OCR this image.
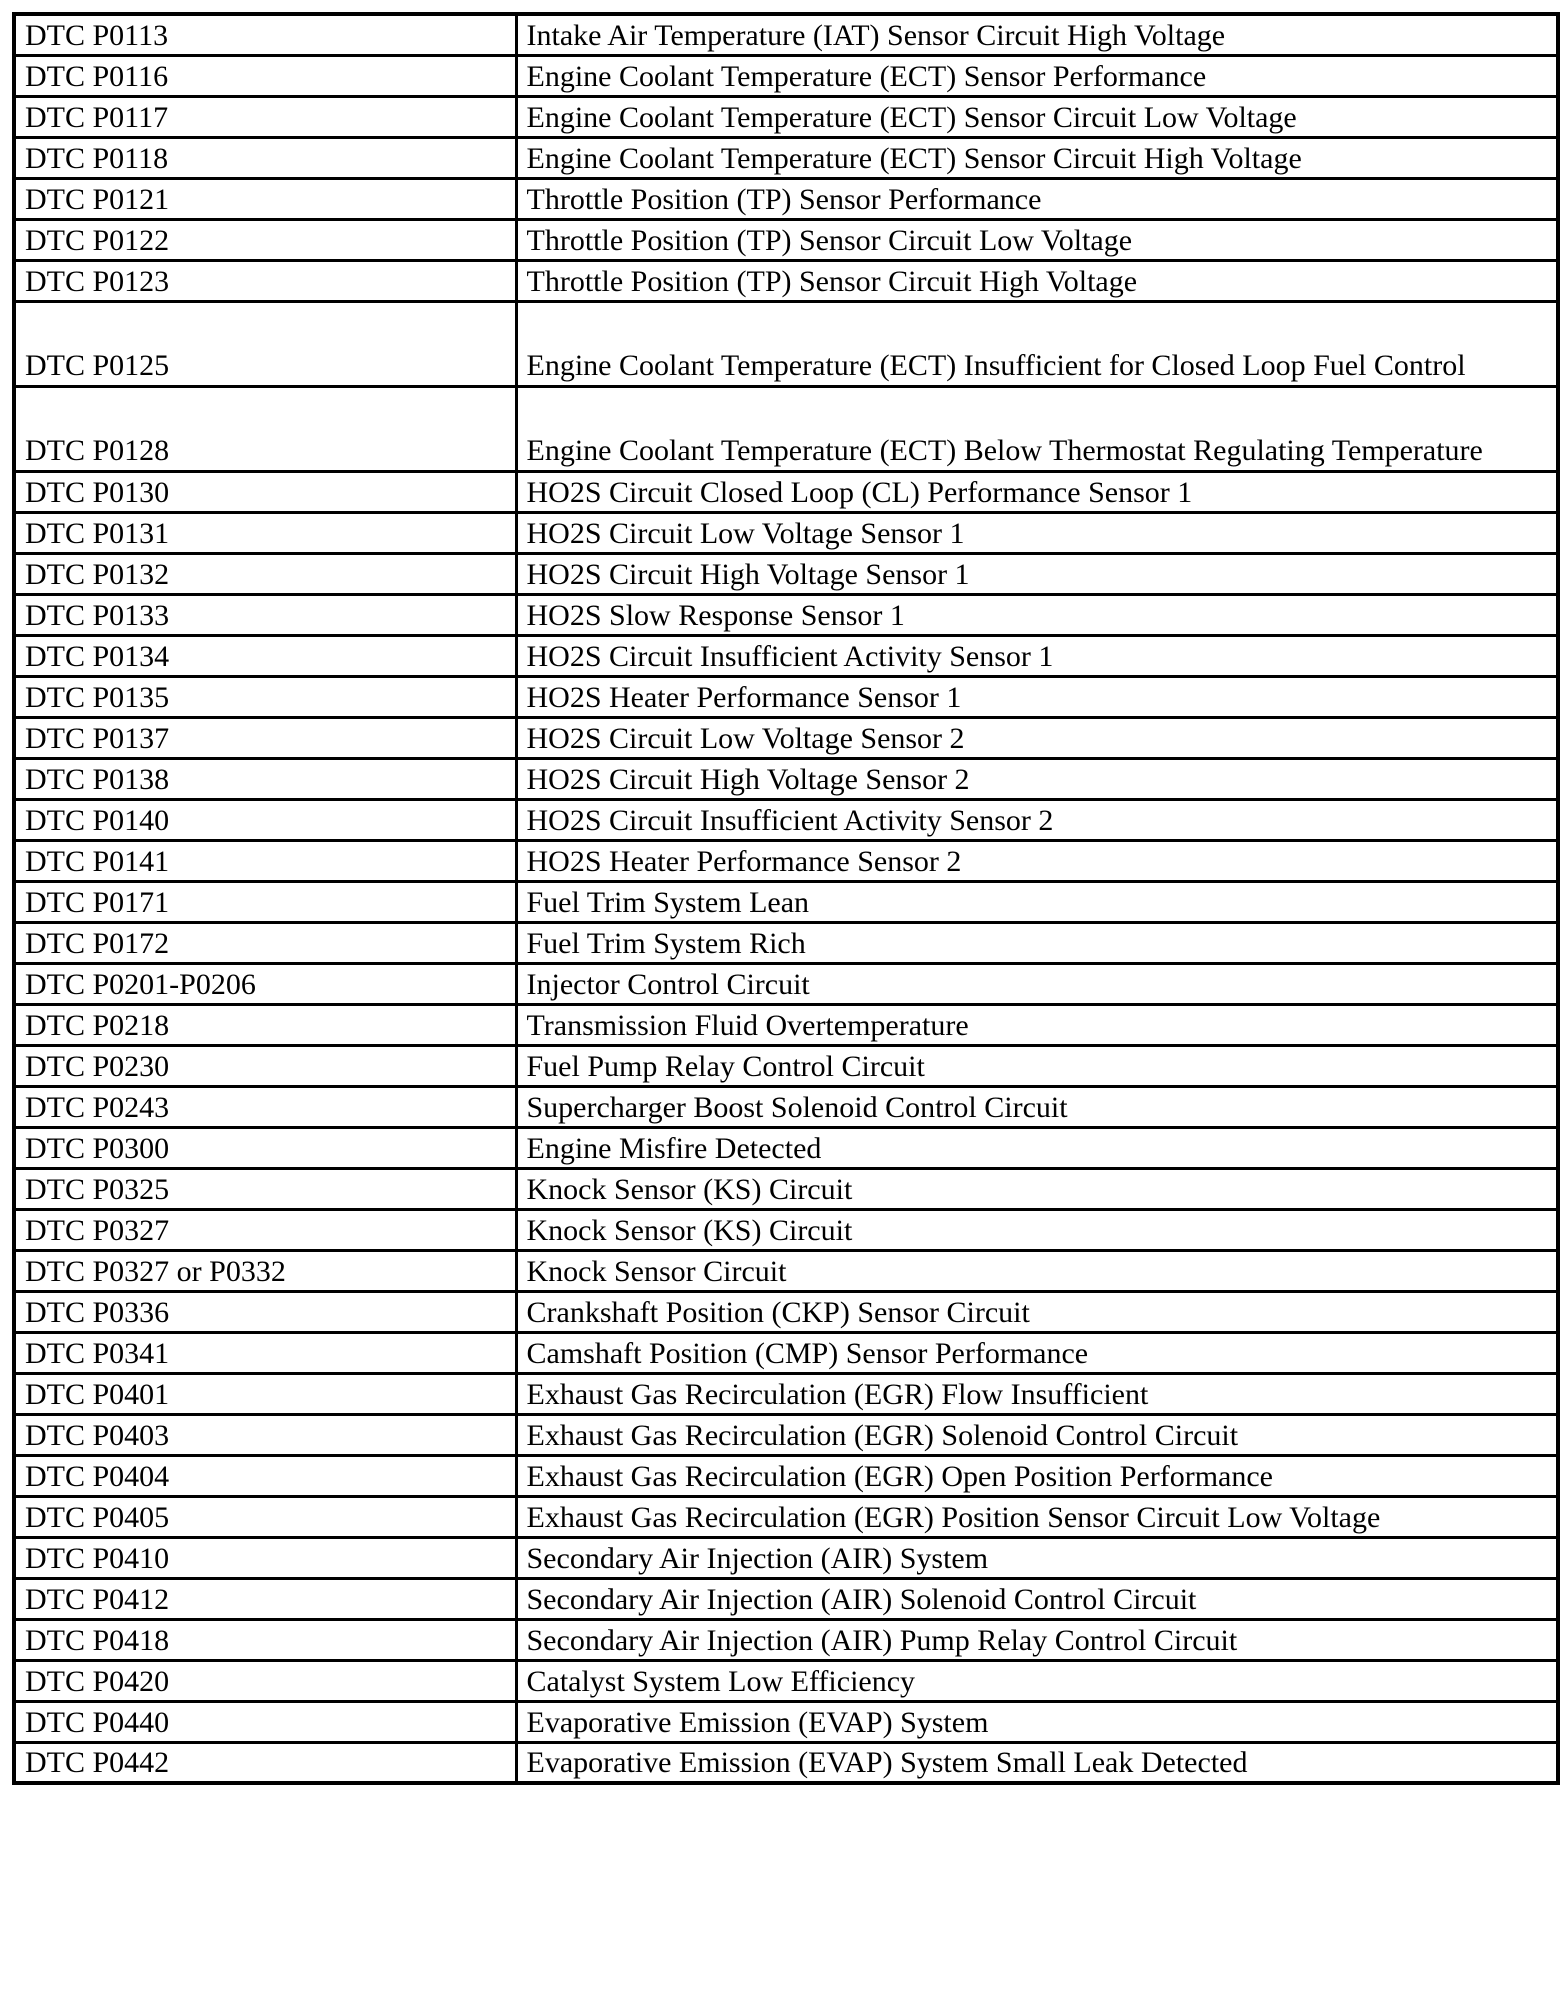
DTC P0113	Intake Air Temperature (IAT) Sensor Circuit High Voltage
DTC P0116	Engine Coolant Temperature (ECT) Sensor Performance
DTC P0117	Engine Coolant Temperature (ECT) Sensor Circuit Low Voltage
DTC P0118	Engine Coolant Temperature (ECT) Sensor Circuit High Voltage
DTC P0121	Throttle Position (TP) Sensor Performance
DTC P0122	Throttle Position (TP) Sensor Circuit Low Voltage
DTC P0123	Throttle Position (TP) Sensor Circuit High Voltage
DTC P0125	Engine Coolant Temperature (ECT) Insufficient for Closed Loop Fuel Control
DTC P0128	Engine Coolant Temperature (ECT) Below Thermostat Regulating Temperature
DTC P0130	HO2S Circuit Closed Loop (CL) Performance Sensor 1
DTC P0131	HO2S Circuit Low Voltage Sensor 1
DTC P0132	HO2S Circuit High Voltage Sensor 1
DTC P0133	HO2S Slow Response Sensor 1
DTC P0134	HO2S Circuit Insufficient Activity Sensor 1
DTC P0135	HO2S Heater Performance Sensor 1
DTC P0137	HO2S Circuit Low Voltage Sensor 2
DTC P0138	HO2S Circuit High Voltage Sensor 2
DTC P0140	HO2S Circuit Insufficient Activity Sensor 2
DTC P0141	HO2S Heater Performance Sensor 2
DTC P0171	Fuel Trim System Lean
DTC P0172	Fuel Trim System Rich
DTC P0201-P0206	Injector Control Circuit
DTC P0218	Transmission Fluid Overtemperature
DTC P0230	Fuel Pump Relay Control Circuit
DTC P0243	Supercharger Boost Solenoid Control Circuit
DTC P0300	Engine Misfire Detected
DTC P0325	Knock Sensor (KS) Circuit
DTC P0327	Knock Sensor (KS) Circuit
DTC P0327 or P0332	Knock Sensor Circuit
DTC P0336	Crankshaft Position (CKP) Sensor Circuit
DTC P0341	Camshaft Position (CMP) Sensor Performance
DTC P0401	Exhaust Gas Recirculation (EGR) Flow Insufficient
DTC P0403	Exhaust Gas Recirculation (EGR) Solenoid Control Circuit
DTC P0404	Exhaust Gas Recirculation (EGR) Open Position Performance
DTC P0405	Exhaust Gas Recirculation (EGR) Position Sensor Circuit Low Voltage
DTC P0410	Secondary Air Injection (AIR) System
DTC P0412	Secondary Air Injection (AIR) Solenoid Control Circuit
DTC P0418	Secondary Air Injection (AIR) Pump Relay Control Circuit
DTC P0420	Catalyst System Low Efficiency
DTC P0440	Evaporative Emission (EVAP) System
DTC P0442	Evaporative Emission (EVAP) System Small Leak Detected
